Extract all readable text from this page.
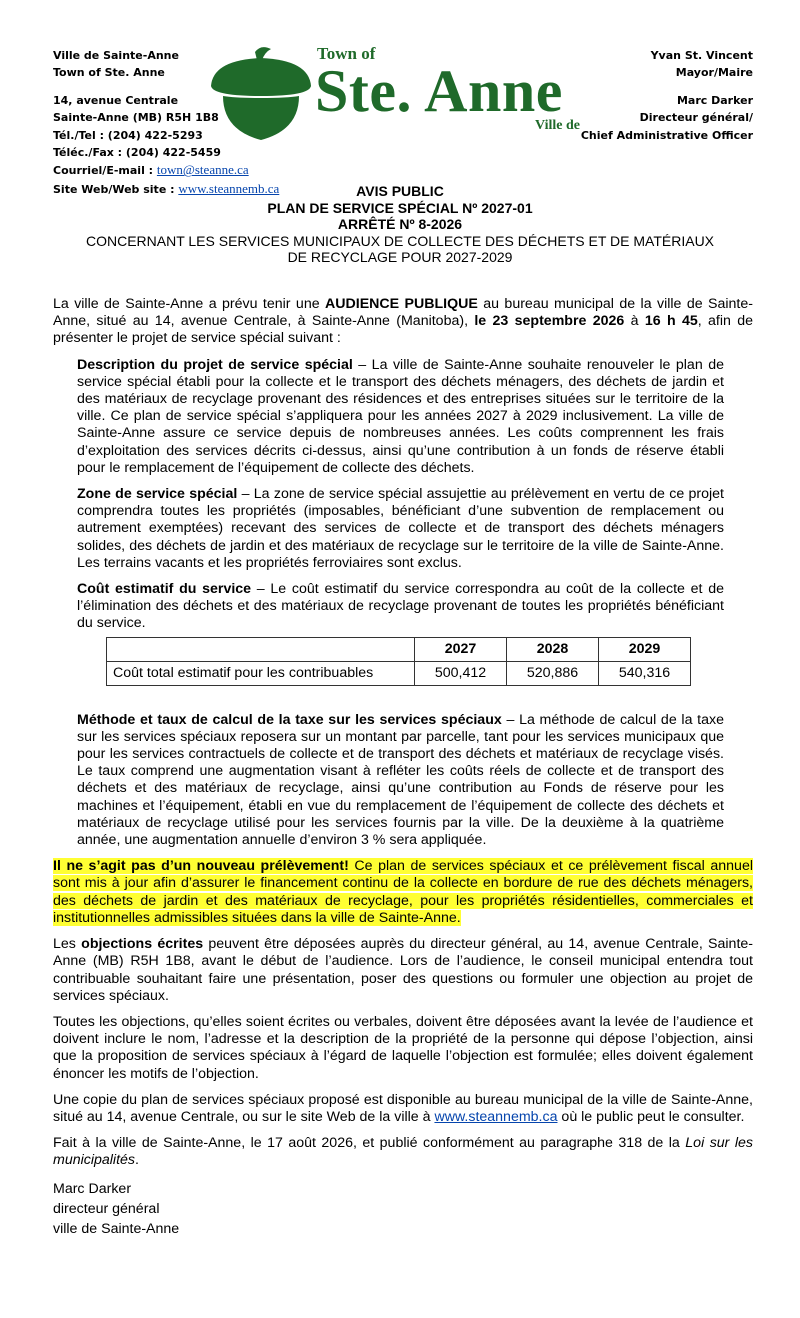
Ville de Sainte-Anne
Town of Ste. Anne
14, avenue Centrale
Sainte-Anne (MB) R5H 1B8
Tél./Tel : (204) 422-5293
Téléc./Fax : (204) 422-5459
Courriel/E-mail : town@steanne.ca
Site Web/Web site : www.steannemb.ca
Town of
Ste. Anne
Ville de
Yvan St. Vincent
Mayor/Maire
Marc Darker
Directeur général/
Chief Administrative Officer
AVIS PUBLIC
PLAN DE SERVICE SPÉCIAL Nº 2027-01
ARRÊTÉ Nº 8-2026
CONCERNANT LES SERVICES MUNICIPAUX DE COLLECTE DES DÉCHETS ET DE MATÉRIAUX
DE RECYCLAGE POUR 2027-2029

La ville de Sainte-Anne a prévu tenir une AUDIENCE PUBLIQUE au bureau municipal de la ville de Sainte-Anne, situé au 14, avenue Centrale, à Sainte-Anne (Manitoba), le 23 septembre 2026 à 16 h 45, afin de présenter le projet de service spécial suivant :

Description du projet de service spécial – La ville de Sainte-Anne souhaite renouveler le plan de service spécial établi pour la collecte et le transport des déchets ménagers, des déchets de jardin et des matériaux de recyclage provenant des résidences et des entreprises situées sur le territoire de la ville. Ce plan de service spécial s’appliquera pour les années 2027 à 2029 inclusivement. La ville de Sainte-Anne assure ce service depuis de nombreuses années. Les coûts comprennent les frais d’exploitation des services décrits ci-dessus, ainsi qu’une contribution à un fonds de réserve établi pour le remplacement de l’équipement de collecte des déchets.

Zone de service spécial – La zone de service spécial assujettie au prélèvement en vertu de ce projet comprendra toutes les propriétés (imposables, bénéficiant d’une subvention de remplacement ou autrement exemptées) recevant des services de collecte et de transport des déchets ménagers solides, des déchets de jardin et des matériaux de recyclage sur le territoire de la ville de Sainte-Anne. Les terrains vacants et les propriétés ferroviaires sont exclus.

Coût estimatif du service – Le coût estimatif du service correspondra au coût de la collecte et de l’élimination des déchets et des matériaux de recyclage provenant de toutes les propriétés bénéficiant du service.

	2027	2028	2029
Coût total estimatif pour les contribuables	500,412	520,886	540,316

Méthode et taux de calcul de la taxe sur les services spéciaux – La méthode de calcul de la taxe sur les services spéciaux reposera sur un montant par parcelle, tant pour les services municipaux que pour les services contractuels de collecte et de transport des déchets et matériaux de recyclage visés. Le taux comprend une augmentation visant à refléter les coûts réels de collecte et de transport des déchets et des matériaux de recyclage, ainsi qu’une contribution au Fonds de réserve pour les machines et l’équipement, établi en vue du remplacement de l’équipement de collecte des déchets et matériaux de recyclage utilisé pour les services fournis par la ville. De la deuxième à la quatrième année, une augmentation annuelle d’environ 3 % sera appliquée.

Il ne s’agit pas d’un nouveau prélèvement! Ce plan de services spéciaux et ce prélèvement fiscal annuel sont mis à jour afin d’assurer le financement continu de la collecte en bordure de rue des déchets ménagers, des déchets de jardin et des matériaux de recyclage, pour les propriétés résidentielles, commerciales et institutionnelles admissibles situées dans la ville de Sainte-Anne.

Les objections écrites peuvent être déposées auprès du directeur général, au 14, avenue Centrale, Sainte-Anne (MB) R5H 1B8, avant le début de l’audience. Lors de l’audience, le conseil municipal entendra tout contribuable souhaitant faire une présentation, poser des questions ou formuler une objection au projet de services spéciaux.

Toutes les objections, qu’elles soient écrites ou verbales, doivent être déposées avant la levée de l’audience et doivent inclure le nom, l’adresse et la description de la propriété de la personne qui dépose l’objection, ainsi que la proposition de services spéciaux à l’égard de laquelle l’objection est formulée; elles doivent également énoncer les motifs de l’objection.

Une copie du plan de services spéciaux proposé est disponible au bureau municipal de la ville de Sainte-Anne, situé au 14, avenue Centrale, ou sur le site Web de la ville à www.steannemb.ca où le public peut le consulter.

Fait à la ville de Sainte-Anne, le 17 août 2026, et publié conformément au paragraphe 318 de la Loi sur les municipalités.

Marc Darker
directeur général
ville de Sainte-Anne
